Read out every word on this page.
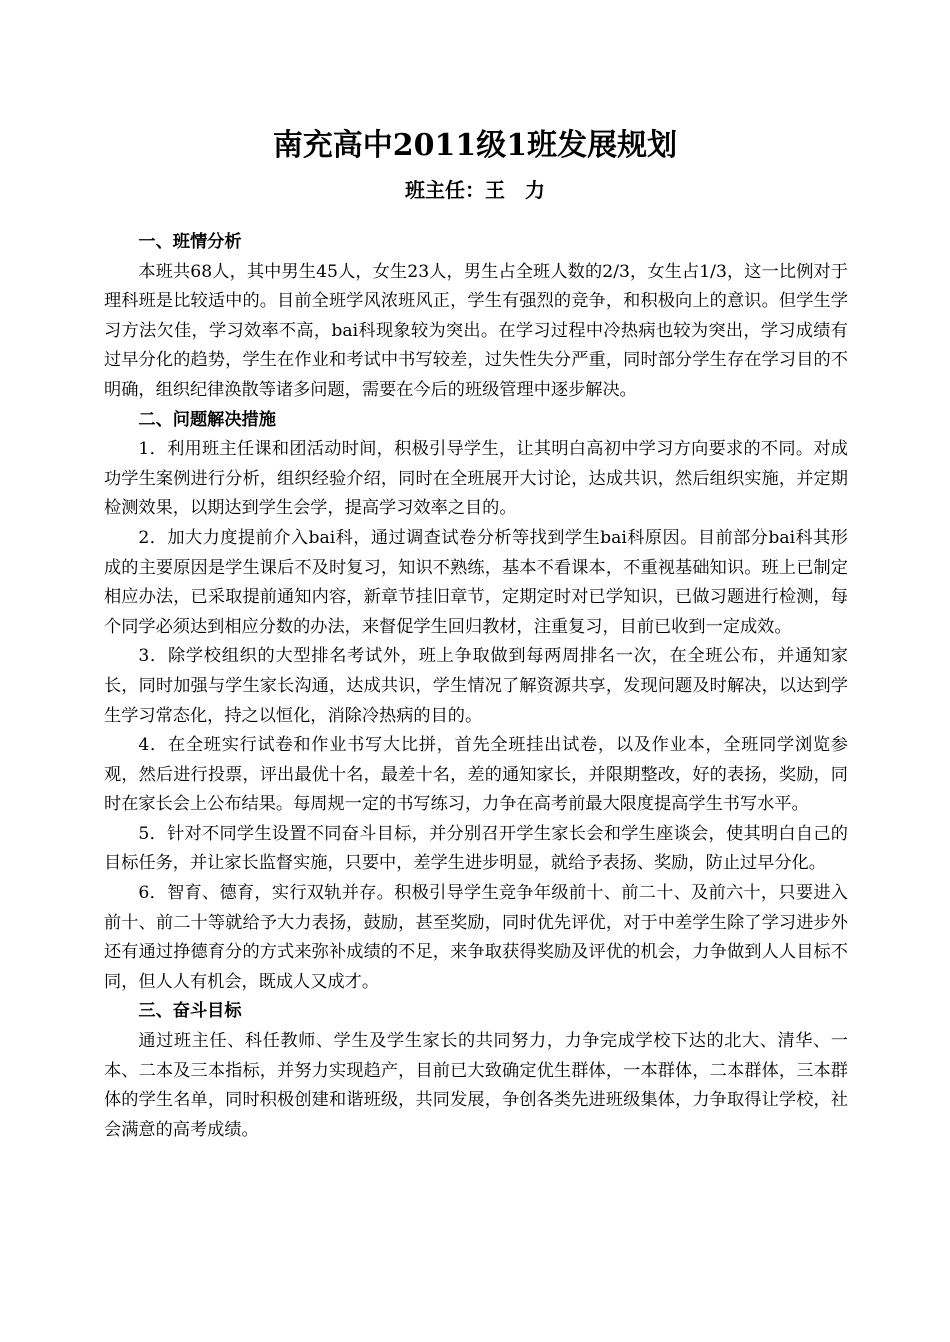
南充高中2011级1班发展规划
班主任：王　力

一、班情分析

本班共68人，其中男生45人，女生23人，男生占全班人数的2/3，女生占1/3，这一比例对于理科班是比较适中的。目前全班学风浓班风正，学生有强烈的竞争，和积极向上的意识。但学生学习方法欠佳，学习效率不高，bai科现象较为突出。在学习过程中冷热病也较为突出，学习成绩有过早分化的趋势，学生在作业和考试中书写较差，过失性失分严重，同时部分学生存在学习目的不明确，组织纪律涣散等诸多问题，需要在今后的班级管理中逐步解决。

二、问题解决措施

1．利用班主任课和团活动时间，积极引导学生，让其明白高初中学习方向要求的不同。对成功学生案例进行分析，组织经验介绍，同时在全班展开大讨论，达成共识，然后组织实施，并定期检测效果，以期达到学生会学，提高学习效率之目的。

2．加大力度提前介入bai科，通过调查试卷分析等找到学生bai科原因。目前部分bai科其形成的主要原因是学生课后不及时复习，知识不熟练，基本不看课本，不重视基础知识。班上已制定相应办法，已采取提前通知内容，新章节挂旧章节，定期定时对已学知识，已做习题进行检测，每个同学必须达到相应分数的办法，来督促学生回归教材，注重复习，目前已收到一定成效。

3．除学校组织的大型排名考试外，班上争取做到每两周排名一次，在全班公布，并通知家长，同时加强与学生家长沟通，达成共识，学生情况了解资源共享，发现问题及时解决，以达到学生学习常态化，持之以恒化，消除冷热病的目的。

4．在全班实行试卷和作业书写大比拼，首先全班挂出试卷，以及作业本，全班同学浏览参观，然后进行投票，评出最优十名，最差十名，差的通知家长，并限期整改，好的表扬，奖励，同时在家长会上公布结果。每周规一定的书写练习，力争在高考前最大限度提高学生书写水平。

5．针对不同学生设置不同奋斗目标，并分别召开学生家长会和学生座谈会，使其明白自己的目标任务，并让家长监督实施，只要中，差学生进步明显，就给予表扬、奖励，防止过早分化。

6．智育、德育，实行双轨并存。积极引导学生竞争年级前十、前二十、及前六十，只要进入前十、前二十等就给予大力表扬，鼓励，甚至奖励，同时优先评优，对于中差学生除了学习进步外还有通过挣德育分的方式来弥补成绩的不足，来争取获得奖励及评优的机会，力争做到人人目标不同，但人人有机会，既成人又成才。

三、奋斗目标

通过班主任、科任教师、学生及学生家长的共同努力，力争完成学校下达的北大、清华、一本、二本及三本指标，并努力实现趋产，目前已大致确定优生群体，一本群体，二本群体，三本群体的学生名单，同时积极创建和谐班级，共同发展，争创各类先进班级集体，力争取得让学校，社会满意的高考成绩。
